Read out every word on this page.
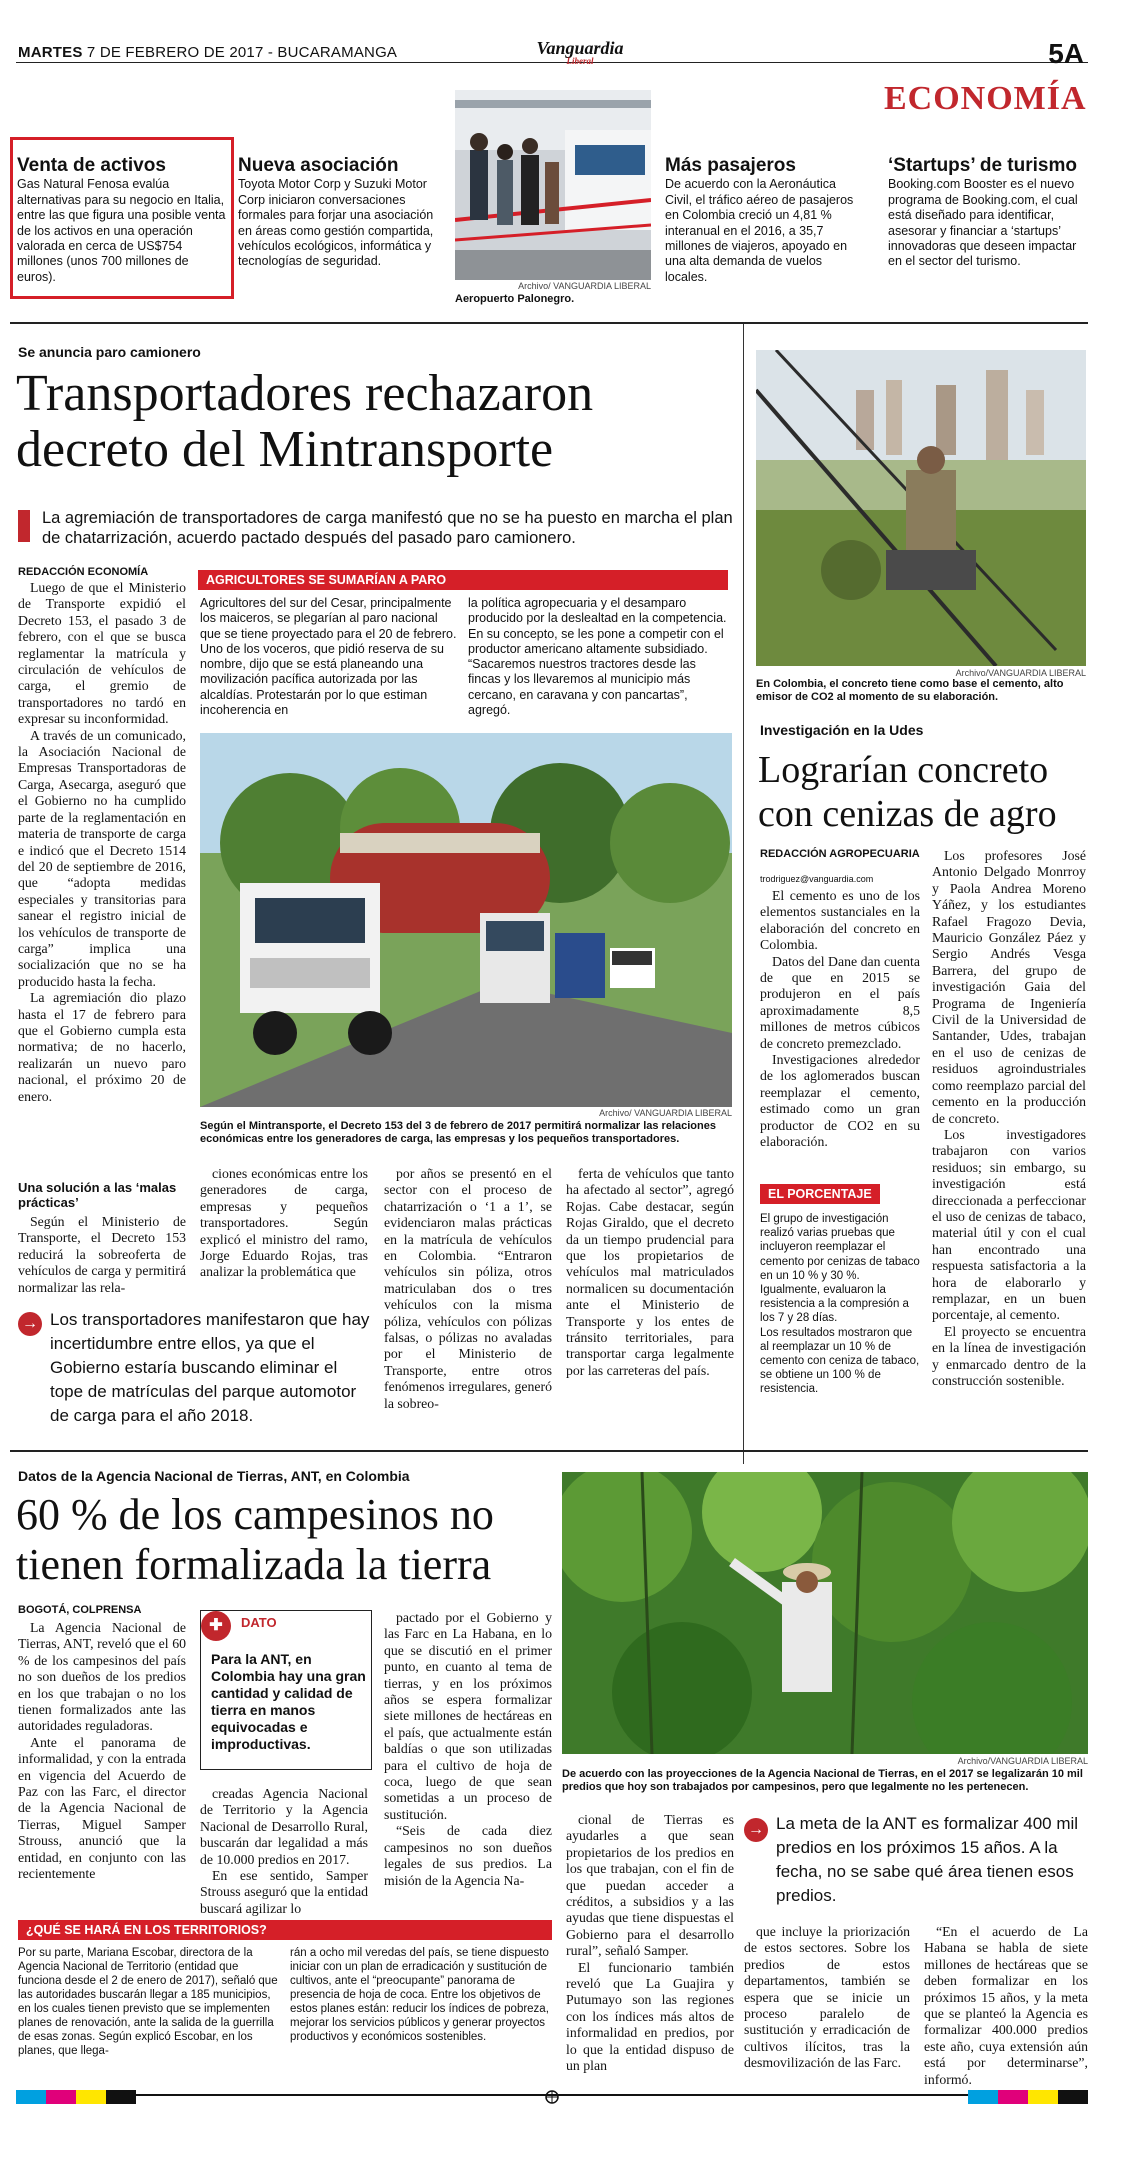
MARTES 7 DE FEBRERO DE 2017 - BUCARAMANGA	Vanguardia
Liberal	5A
ECONOMÍA
Venta de activos
Gas Natural Fenosa evalúa alternativas para su negocio en Italia, entre las que figura una posible venta de los activos en una operación valorada en cerca de US$754 millones (unos 700 millones de euros).
Nueva asociación
Toyota Motor Corp y Suzuki Motor Corp iniciaron conversaciones formales para forjar una asociación en áreas como gestión compartida, vehículos ecológicos, informática y tecnologías de seguridad.
Archivo/ VANGUARDIA LIBERAL
Aeropuerto Palonegro.
Más pasajeros
De acuerdo con la Aeronáutica Civil, el tráfico aéreo de pasajeros en Colombia creció un 4,81 % interanual en el 2016, a 35,7 millones de viajeros, apoyado en una alta demanda de vuelos locales.
‘Startups’ de turismo
Booking.com Booster es el nuevo programa de Booking.com, el cual está diseñado para identificar, asesorar y financiar a ‘startups’ innovadoras que deseen impactar en el sector del turismo.
Se anuncia paro camionero
Transportadores rechazaron decreto del Mintransporte
La agremiación de transportadores de carga manifestó que no se ha puesto en marcha el plan de chatarrización, acuerdo pactado después del pasado paro camionero.
REDACCIÓN ECONOMÍA

Luego de que el Ministerio de Transporte expidió el Decreto 153, el pasado 3 de febrero, con el que se busca reglamentar la matrícula y circulación de vehículos de carga, el gremio de transportadores no tardó en expresar su inconformidad.

A través de un comunicado, la Asociación Nacional de Empresas Transportadoras de Carga, Asecarga, aseguró que el Gobierno no ha cumplido parte de la reglamentación en materia de transporte de carga e indicó que el Decreto 1514 del 20 de septiembre de 2016, que “adopta medidas especiales y transitorias para sanear el registro inicial de los vehículos de transporte de carga” implica una socialización que no se ha producido hasta la fecha.

La agremiación dio plazo hasta el 17 de febrero para que el Gobierno cumpla esta normativa; de no hacerlo, realizarán un nuevo paro nacional, el próximo 20 de enero.

Una solución a las ‘malas prácticas’

Según el Ministerio de Transporte, el Decreto 153 reducirá la sobreoferta de vehículos de carga y permitirá normalizar las rela-

→ Los transportadores manifestaron que hay incertidumbre entre ellos, ya que el Gobierno estaría buscando eliminar el tope de matrículas del parque automotor de carga para el año 2018.
AGRICULTORES SE SUMARÍAN A PARO
Agricultores del sur del Cesar, principalmente los maiceros, se plegarían al paro nacional que se tiene proyectado para el 20 de febrero. Uno de los voceros, que pidió reserva de su nombre, dijo que se está planeando una movilización pacífica autorizada por las alcaldías. Protestarán por lo que estiman incoherencia en
la política agropecuaria y el desamparo producido por la deslealtad en la competencia. En su concepto, se les pone a competir con el productor americano altamente subsidiado. “Sacaremos nuestros tractores desde las fincas y los llevaremos al municipio más cercano, en caravana y con pancartas”, agregó.
Archivo/ VANGUARDIA LIBERAL
Según el Mintransporte, el Decreto 153 del 3 de febrero de 2017 permitirá normalizar las relaciones económicas entre los generadores de carga, las empresas y los pequeños transportadores.

ciones económicas entre los generadores de carga, empresas y pequeños transportadores. Según explicó el ministro del ramo, Jorge Eduardo Rojas, tras analizar la problemática que

por años se presentó en el sector con el proceso de chatarrización o ‘1 a 1’, se evidenciaron malas prácticas en la matrícula de vehículos en Colombia. “Entraron vehículos sin póliza, otros matriculaban dos o tres vehículos con la misma póliza, vehículos con pólizas falsas, o pólizas no avaladas por el Ministerio de Transporte, entre otros fenómenos irregulares, generó la sobreo-

ferta de vehículos que tanto ha afectado al sector”, agregó Rojas. Cabe destacar, según Rojas Giraldo, que el decreto da un tiempo prudencial para que los propietarios de vehículos mal matriculados normalicen su documentación ante el Ministerio de Transporte y los entes de tránsito territoriales, para transportar carga legalmente por las carreteras del país.

Archivo/VANGUARDIA LIBERAL
En Colombia, el concreto tiene como base el cemento, alto emisor de CO2 al momento de su elaboración.
Investigación en la Udes
Lograrían concreto con cenizas de agro
REDACCIÓN AGROPECUARIA
trodriguez@vanguardia.com

El cemento es uno de los elementos sustanciales en la elaboración del concreto en Colombia.

Datos del Dane dan cuenta de que en 2015 se produjeron en el país aproximadamente 8,5 millones de metros cúbicos de concreto premezclado.

Investigaciones alrededor de los aglomerados buscan reemplazar el cemento, estimado como un gran productor de CO2 en su elaboración.

EL PORCENTAJE
El grupo de investigación realizó varias pruebas que incluyeron reemplazar el cemento por cenizas de tabaco en un 10 % y 30 %.
Igualmente, evaluaron la resistencia a la compresión a los 7 y 28 días.
Los resultados mostraron que al reemplazar un 10 % de cemento con ceniza de tabaco, se obtiene un 100 % de resistencia.

Los profesores José Antonio Delgado Monrroy y Paola Andrea Moreno Yáñez, y los estudiantes Rafael Fragozo Devia, Mauricio González Páez y Sergio Andrés Vesga Barrera, del grupo de investigación Gaia del Programa de Ingeniería Civil de la Universidad de Santander, Udes, trabajan en el uso de cenizas de residuos agroindustriales como reemplazo parcial del cemento en la producción de concreto.

Los investigadores trabajaron con varios residuos; sin embargo, su investigación está direccionada a perfeccionar el uso de cenizas de tabaco, material útil y con el cual han encontrado una respuesta satisfactoria a la hora de elaborarlo y remplazar, en un buen porcentaje, al cemento.

El proyecto se encuentra en la línea de investigación y enmarcado dentro de la construcción sostenible.

Datos de la Agencia Nacional de Tierras, ANT, en Colombia
60 % de los campesinos no tienen formalizada la tierra
BOGOTÁ, COLPRENSA

La Agencia Nacional de Tierras, ANT, reveló que el 60 % de los campesinos del país no son dueños de los predios en los que trabajan o no los tienen formalizados ante las autoridades reguladoras.

Ante el panorama de informalidad, y con la entrada en vigencia del Acuerdo de Paz con las Farc, el director de la Agencia Nacional de Tierras, Miguel Samper Strouss, anunció que la entidad, en conjunto con las recientemente

✚	DATO
Para la ANT, en Colombia hay una gran cantidad y calidad de tierra en manos equivocadas e improductivas.

creadas Agencia Nacional de Territorio y la Agencia Nacional de Desarrollo Rural, buscarán dar legalidad a más de 10.000 predios en 2017.

En ese sentido, Samper Strouss aseguró que la entidad buscará agilizar lo

pactado por el Gobierno y las Farc en La Habana, en lo que se discutió en el primer punto, en cuanto al tema de tierras, y en los próximos años se espera formalizar siete millones de hectáreas en el país, que actualmente están baldías o que son utilizadas para el cultivo de hoja de coca, luego de que sean sometidas a un proceso de sustitución.

“Seis de cada diez campesinos no son dueños legales de sus predios. La misión de la Agencia Na-

Archivo/VANGUARDIA LIBERAL
De acuerdo con las proyecciones de la Agencia Nacional de Tierras, en el 2017 se legalizarán 10 mil predios que hoy son trabajados por campesinos, pero que legalmente no les pertenecen.

cional de Tierras es ayudarles a que sean propietarios de los predios en los que trabajan, con el fin de que puedan acceder a créditos, a subsidios y a las ayudas que tiene dispuestas el Gobierno para el desarrollo rural”, señaló Samper.

El funcionario también reveló que La Guajira y Putumayo son las regiones con los índices más altos de informalidad en predios, por lo que la entidad dispuso de un plan

→ La meta de la ANT es formalizar 400 mil predios en los próximos 15 años. A la fecha, no se sabe qué área tienen esos predios.

que incluye la priorización de estos sectores. Sobre los predios de estos departamentos, también se espera que se inicie un proceso paralelo de sustitución y erradicación de cultivos ilícitos, tras la desmovilización de las Farc.

“En el acuerdo de La Habana se habla de siete millones de hectáreas que se deben formalizar en los próximos 15 años, y la meta que se planteó la Agencia es formalizar 400.000 predios este año, cuya extensión aún está por determinarse”, informó.

¿QUÉ SE HARÁ EN LOS TERRITORIOS?
Por su parte, Mariana Escobar, directora de la Agencia Nacional de Territorio (entidad que funciona desde el 2 de enero de 2017), señaló que las autoridades buscarán llegar a 185 municipios, en los cuales tienen previsto que se implementen planes de renovación, ante la salida de la guerrilla de esas zonas. Según explicó Escobar, en los planes, que llega-
rán a ocho mil veredas del país, se tiene dispuesto iniciar con un plan de erradicación y sustitución de cultivos, ante el “preocupante” panorama de presencia de hoja de coca. Entre los objetivos de estos planes están: reducir los índices de pobreza, mejorar los servicios públicos y generar proyectos productivos y económicos sostenibles.
